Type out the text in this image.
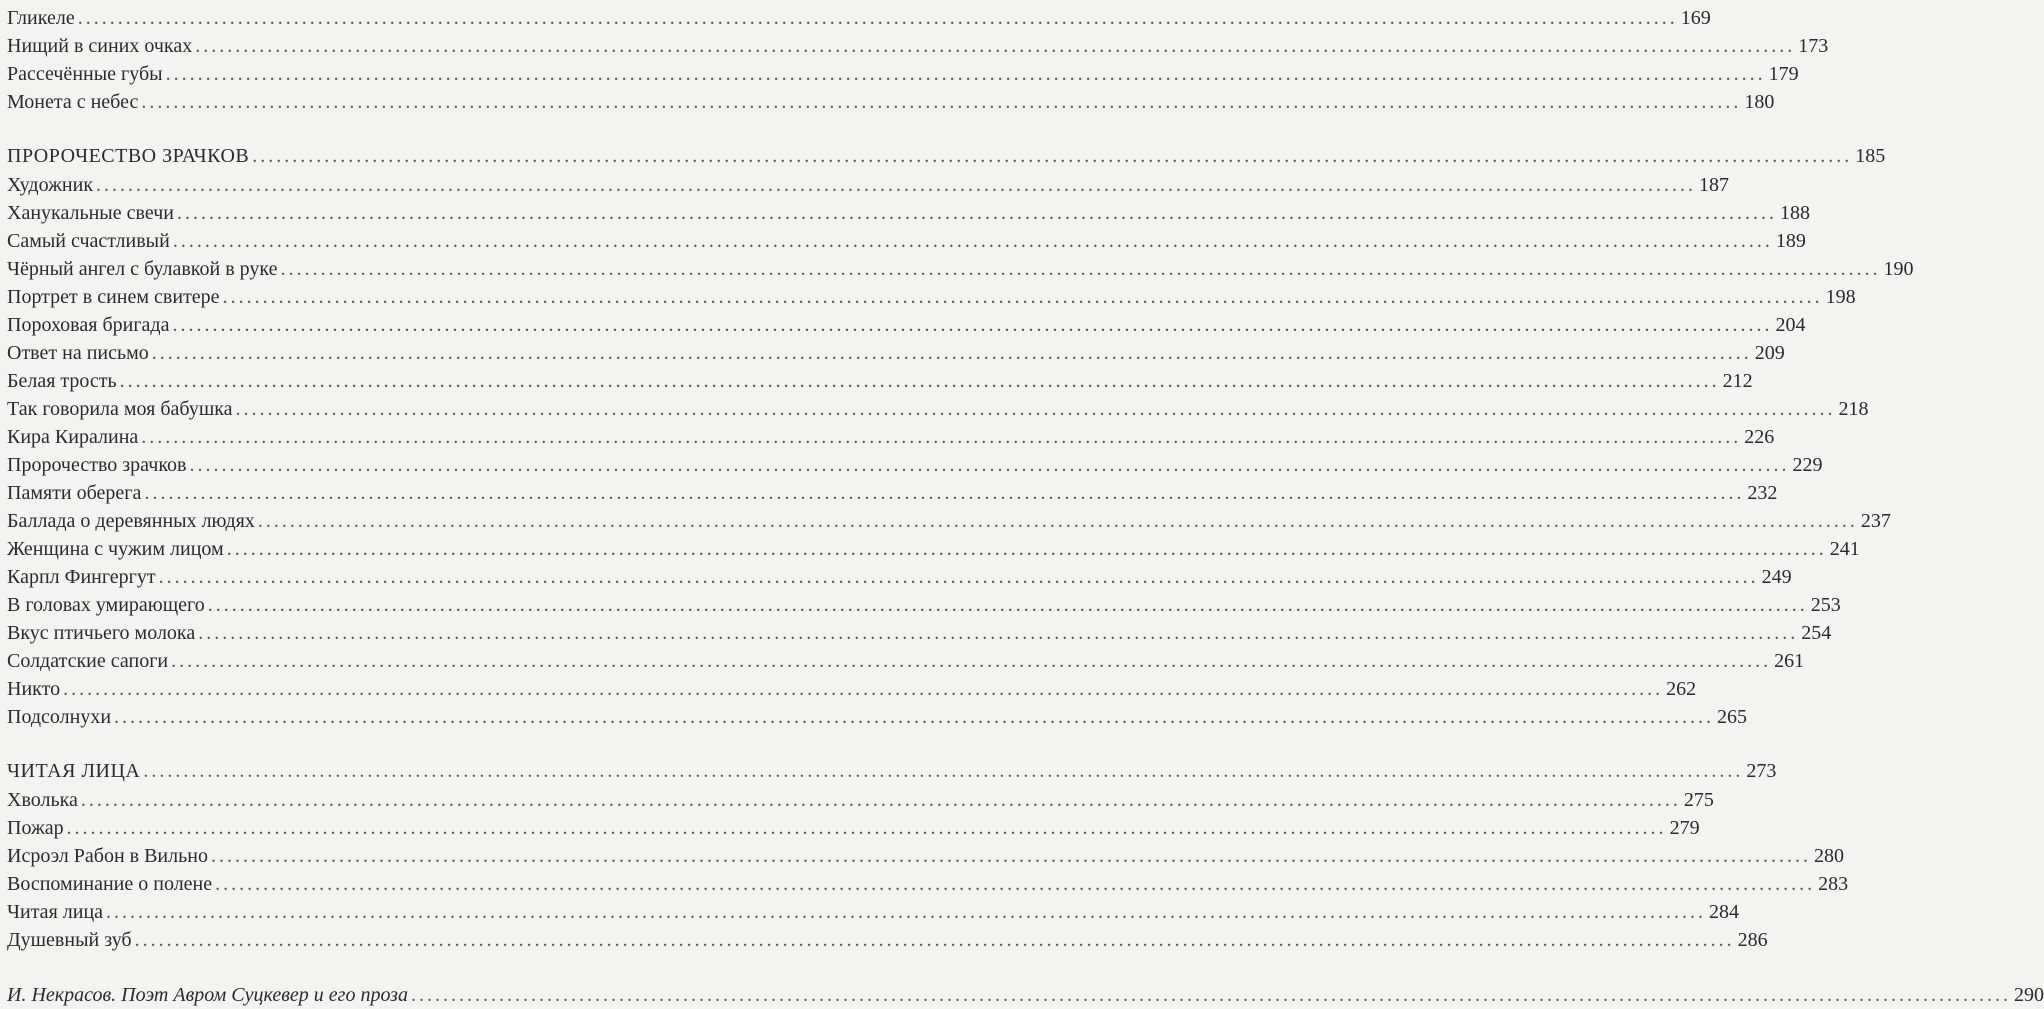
Гликеле ........................................................................................................................................................................................................ 169
Нищий в синих очках ........................................................................................................................................................................................................ 173
Рассечённые губы ........................................................................................................................................................................................................ 179
Монета с небес ........................................................................................................................................................................................................ 180
ПРОРОЧЕСТВО ЗРАЧКОВ ........................................................................................................................................................................................................ 185
Художник ........................................................................................................................................................................................................ 187
Ханукальные свечи ........................................................................................................................................................................................................ 188
Самый счастливый ........................................................................................................................................................................................................ 189
Чёрный ангел с булавкой в руке ........................................................................................................................................................................................................ 190
Портрет в синем свитере ........................................................................................................................................................................................................ 198
Пороховая бригада ........................................................................................................................................................................................................ 204
Ответ на письмо ........................................................................................................................................................................................................ 209
Белая трость ........................................................................................................................................................................................................ 212
Так говорила моя бабушка ........................................................................................................................................................................................................ 218
Кира Киралина ........................................................................................................................................................................................................ 226
Пророчество зрачков ........................................................................................................................................................................................................ 229
Памяти оберега ........................................................................................................................................................................................................ 232
Баллада о деревянных людях ........................................................................................................................................................................................................ 237
Женщина с чужим лицом ........................................................................................................................................................................................................ 241
Карпл Фингергут ........................................................................................................................................................................................................ 249
В головах умирающего ........................................................................................................................................................................................................ 253
Вкус птичьего молока ........................................................................................................................................................................................................ 254
Солдатские сапоги ........................................................................................................................................................................................................ 261
Никто ........................................................................................................................................................................................................ 262
Подсолнухи ........................................................................................................................................................................................................ 265
ЧИТАЯ ЛИЦА ........................................................................................................................................................................................................ 273
Хволька ........................................................................................................................................................................................................ 275
Пожар ........................................................................................................................................................................................................ 279
Исроэл Рабон в Вильно ........................................................................................................................................................................................................ 280
Воспоминание о полене ........................................................................................................................................................................................................ 283
Читая лица ........................................................................................................................................................................................................ 284
Душевный зуб ........................................................................................................................................................................................................ 286
И. Некрасов. Поэт Авром Суцкевер и его проза ........................................................................................................................................................................................................ 290
